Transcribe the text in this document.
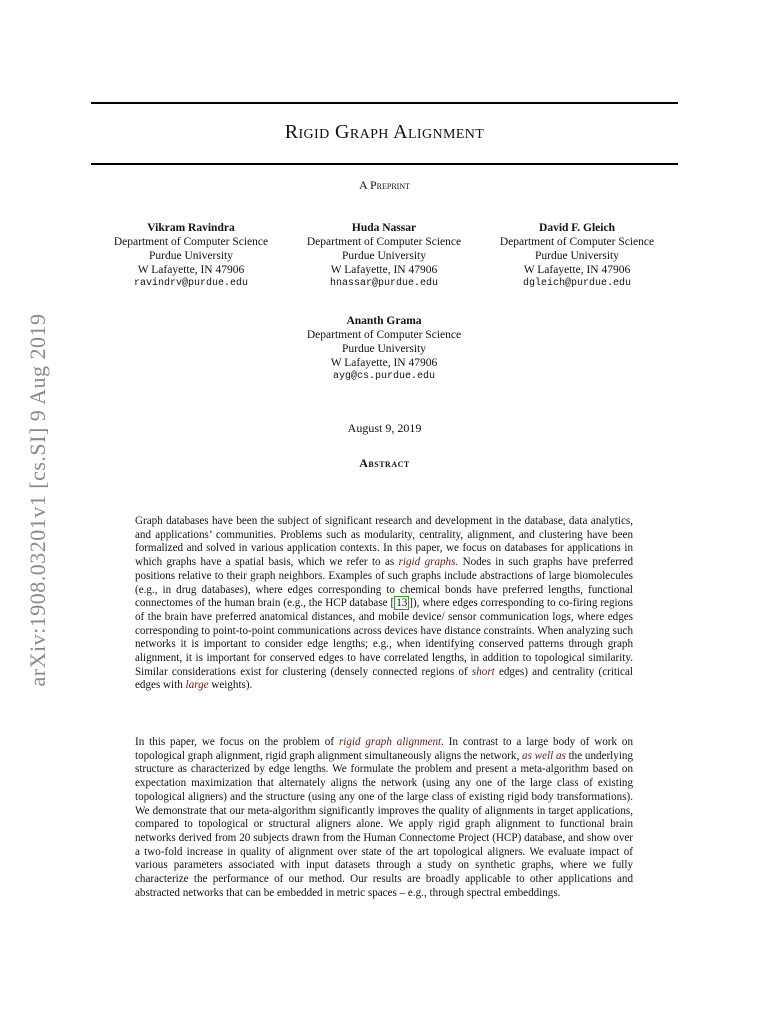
arXiv:1908.03201v1 [cs.SI] 9 Aug 2019
Rigid Graph Alignment
A Preprint
Vikram Ravindra
Department of Computer Science
Purdue University
W Lafayette, IN 47906
ravindrv@purdue.edu
Huda Nassar
Department of Computer Science
Purdue University
W Lafayette, IN 47906
hnassar@purdue.edu
David F. Gleich
Department of Computer Science
Purdue University
W Lafayette, IN 47906
dgleich@purdue.edu
Ananth Grama
Department of Computer Science
Purdue University
W Lafayette, IN 47906
ayg@cs.purdue.edu
August 9, 2019
Abstract
Graph databases have been the subject of significant research and development in the database, data analytics, and applications’ communities. Problems such as modularity, centrality, alignment, and clustering have been formalized and solved in various application contexts. In this paper, we focus on databases for applications in which graphs have a spatial basis, which we refer to as rigid graphs. Nodes in such graphs have preferred positions relative to their graph neighbors. Examples of such graphs include abstractions of large biomolecules (e.g., in drug databases), where edges corresponding to chemical bonds have preferred lengths, functional connectomes of the human brain (e.g., the HCP database [ 13 ]), where edges corresponding to co-firing regions of the brain have preferred anatomical distances, and mobile device/ sensor communication logs, where edges corresponding to point-to-point communications across devices have distance constraints. When analyzing such networks it is important to consider edge lengths; e.g., when identifying conserved patterns through graph alignment, it is important for conserved edges to have correlated lengths, in addition to topological similarity. Similar considerations exist for clustering (densely connected regions of short edges) and centrality (critical edges with large weights).
In this paper, we focus on the problem of rigid graph alignment. In contrast to a large body of work on topological graph alignment, rigid graph alignment simultaneously aligns the network, as well as the underlying structure as characterized by edge lengths. We formulate the problem and present a meta-algorithm based on expectation maximization that alternately aligns the network (using any one of the large class of existing topological aligners) and the structure (using any one of the large class of existing rigid body transformations). We demonstrate that our meta-algorithm significantly improves the quality of alignments in target applications, compared to topological or structural aligners alone. We apply rigid graph alignment to functional brain networks derived from 20 subjects drawn from the Human Connectome Project (HCP) database, and show over a two-fold increase in quality of alignment over state of the art topological aligners. We evaluate impact of various parameters associated with input datasets through a study on synthetic graphs, where we fully characterize the performance of our method. Our results are broadly applicable to other applications and abstracted networks that can be embedded in metric spaces – e.g., through spectral embeddings.
